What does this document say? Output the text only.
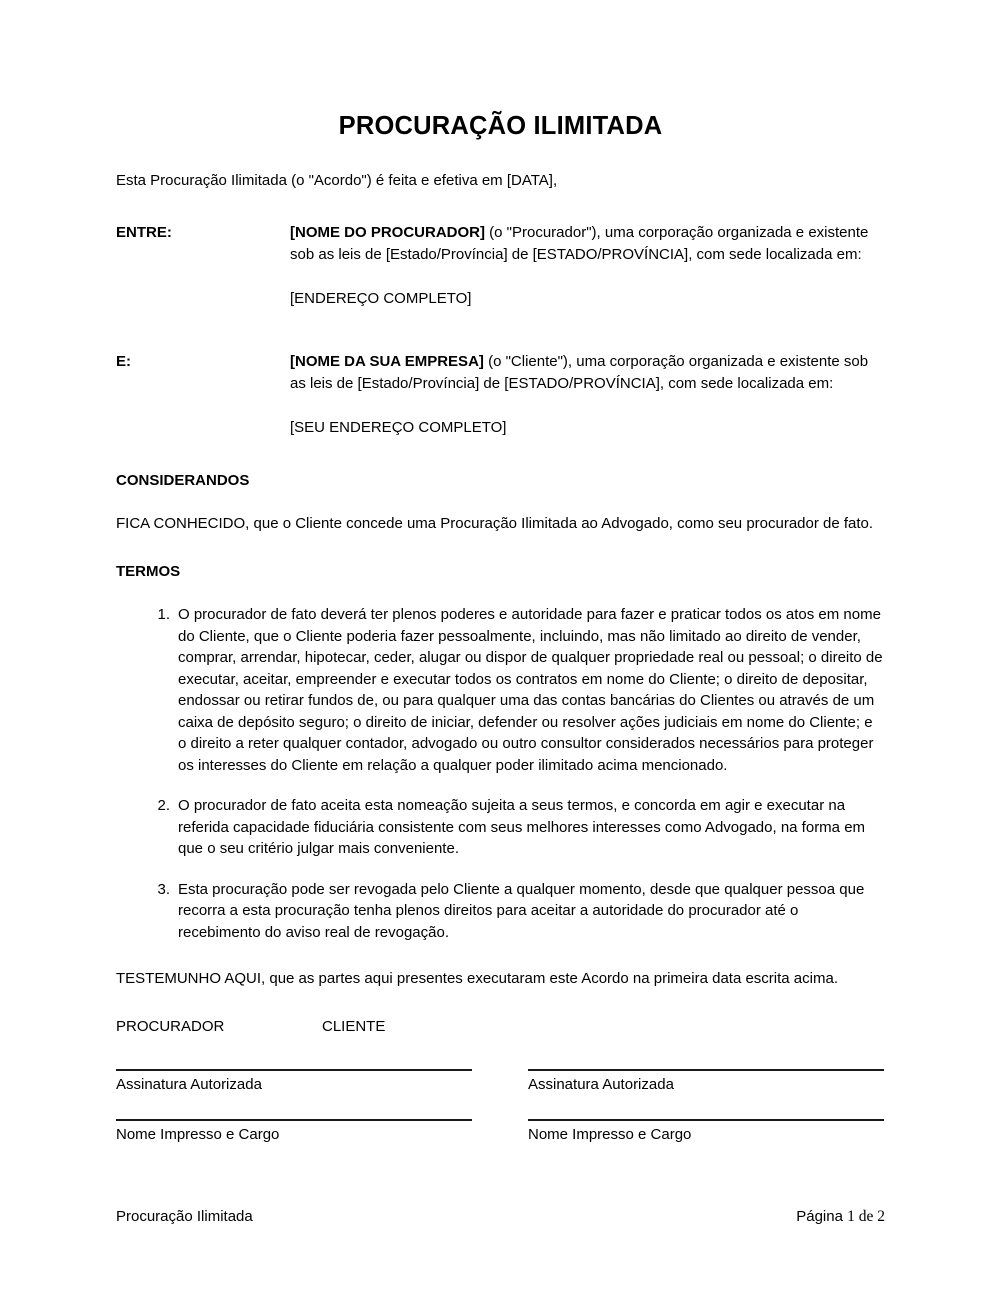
PROCURAÇÃO ILIMITADA

Esta Procuração Ilimitada (o "Acordo") é feita e efetiva em [DATA],

ENTRE:	[NOME DO PROCURADOR] (o "Procurador"), uma corporação organizada e existente sob as leis de [Estado/Província] de [ESTADO/PROVÍNCIA], com sede localizada em:

[ENDEREÇO COMPLETO]

E:	[NOME DA SUA EMPRESA] (o "Cliente"), uma corporação organizada e existente sob as leis de [Estado/Província] de [ESTADO/PROVÍNCIA], com sede localizada em:

[SEU ENDEREÇO COMPLETO]

CONSIDERANDOS

FICA CONHECIDO, que o Cliente concede uma Procuração Ilimitada ao Advogado, como seu procurador de fato.

TERMOS
O procurador de fato deverá ter plenos poderes e autoridade para fazer e praticar todos os atos em nome do Cliente, que o Cliente poderia fazer pessoalmente, incluindo, mas não limitado ao direito de vender, comprar, arrendar, hipotecar, ceder, alugar ou dispor de qualquer propriedade real ou pessoal; o direito de executar, aceitar, empreender e executar todos os contratos em nome do Cliente; o direito de depositar, endossar ou retirar fundos de, ou para qualquer uma das contas bancárias do Clientes ou através de um caixa de depósito seguro; o direito de iniciar, defender ou resolver ações judiciais em nome do Cliente; e o direito a reter qualquer contador, advogado ou outro consultor considerados necessários para proteger os interesses do Cliente em relação a qualquer poder ilimitado acima mencionado.
O procurador de fato aceita esta nomeação sujeita a seus termos, e concorda em agir e executar na referida capacidade fiduciária consistente com seus melhores interesses como Advogado, na forma em que o seu critério julgar mais conveniente.
Esta procuração pode ser revogada pelo Cliente a qualquer momento, desde que qualquer pessoa que recorra a esta procuração tenha plenos direitos para aceitar a autoridade do procurador até o recebimento do aviso real de revogação.

TESTEMUNHO AQUI, que as partes aqui presentes executaram este Acordo na primeira data escrita acima.

PROCURADOR	CLIENTE
Assinatura Autorizada	Assinatura Autorizada
Nome Impresso e Cargo	Nome Impresso e Cargo
Procuração Ilimitada	Página 1 de 2
